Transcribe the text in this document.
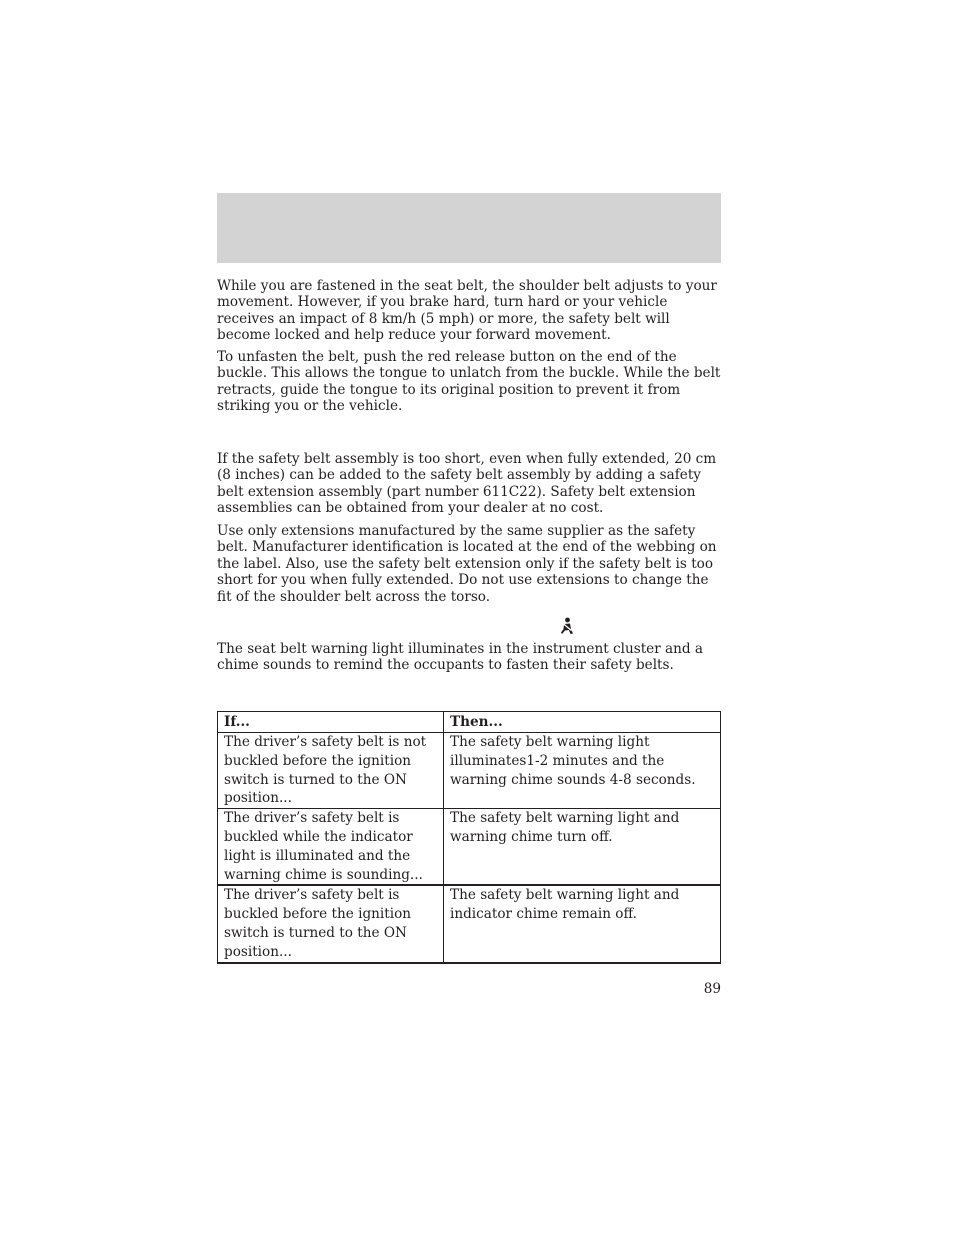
While you are fastened in the seat belt, the shoulder belt adjusts to your
movement. However, if you brake hard, turn hard or your vehicle
receives an impact of 8 km/h (5 mph) or more, the safety belt will
become locked and help reduce your forward movement.

To unfasten the belt, push the red release button on the end of the
buckle. This allows the tongue to unlatch from the buckle. While the belt
retracts, guide the tongue to its original position to prevent it from
striking you or the vehicle.

If the safety belt assembly is too short, even when fully extended, 20 cm
(8 inches) can be added to the safety belt assembly by adding a safety
belt extension assembly (part number 611C22). Safety belt extension
assemblies can be obtained from your dealer at no cost.

Use only extensions manufactured by the same supplier as the safety
belt. Manufacturer identification is located at the end of the webbing on
the label. Also, use the safety belt extension only if the safety belt is too
short for you when fully extended. Do not use extensions to change the
fit of the shoulder belt across the torso.

The seat belt warning light illuminates in the instrument cluster and a
chime sounds to remind the occupants to fasten their safety belts.

If...	Then...
The driver’s safety belt is not
buckled before the ignition
switch is turned to the ON
position...	The safety belt warning light
illuminates1-2 minutes and the
warning chime sounds 4-8 seconds.
The driver’s safety belt is
buckled while the indicator
light is illuminated and the
warning chime is sounding...	The safety belt warning light and
warning chime turn off.
The driver’s safety belt is
buckled before the ignition
switch is turned to the ON
position...	The safety belt warning light and
indicator chime remain off.
89
